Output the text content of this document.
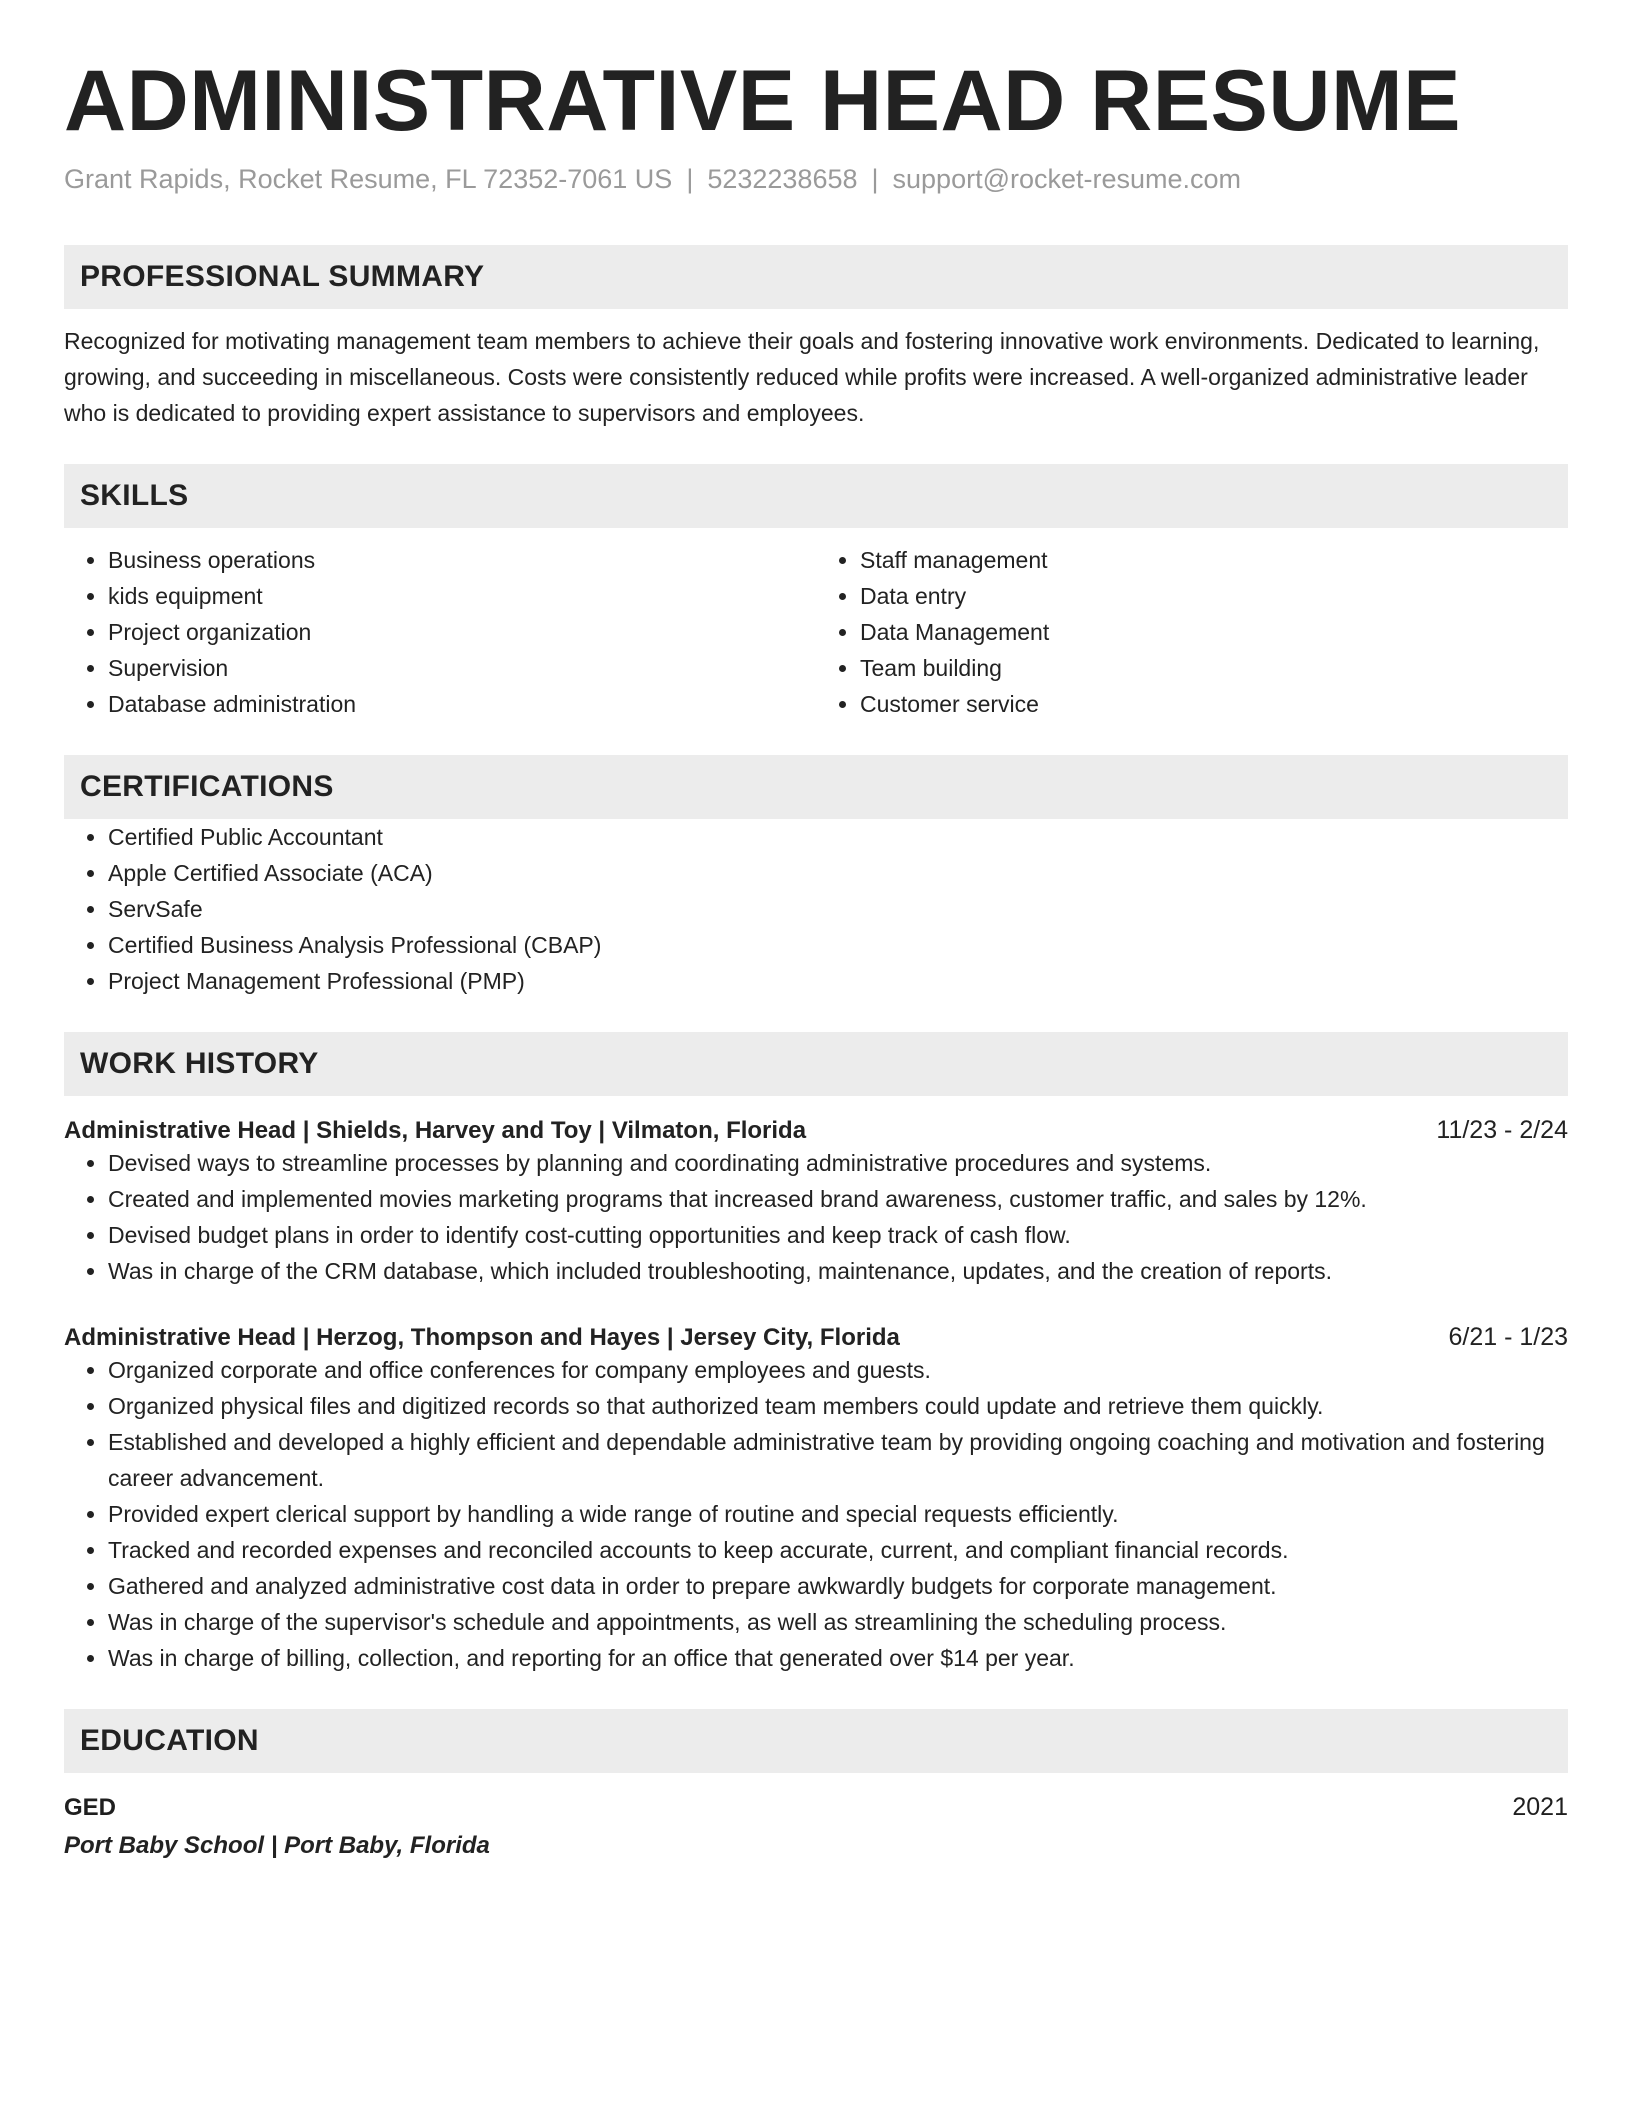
ADMINISTRATIVE HEAD RESUME
Grant Rapids, Rocket Resume, FL 72352-7061 US | 5232238658 | support@rocket-resume.com
PROFESSIONAL SUMMARY

Recognized for motivating management team members to achieve their goals and fostering innovative work environments. Dedicated to learning, growing, and succeeding in miscellaneous. Costs were consistently reduced while profits were increased. A well-organized administrative leader who is dedicated to providing expert assistance to supervisors and employees.

SKILLS
• Business operations
• kids equipment
• Project organization
• Supervision
• Database administration
• Staff management
• Data entry
• Data Management
• Team building
• Customer service
CERTIFICATIONS
• Certified Public Accountant
• Apple Certified Associate (ACA)
• ServSafe
• Certified Business Analysis Professional (CBAP)
• Project Management Professional (PMP)
WORK HISTORY
Administrative Head | Shields, Harvey and Toy | Vilmaton, Florida	11/23 - 2/24
• Devised ways to streamline processes by planning and coordinating administrative procedures and systems.
• Created and implemented movies marketing programs that increased brand awareness, customer traffic, and sales by 12%.
• Devised budget plans in order to identify cost-cutting opportunities and keep track of cash flow.
• Was in charge of the CRM database, which included troubleshooting, maintenance, updates, and the creation of reports.
Administrative Head | Herzog, Thompson and Hayes | Jersey City, Florida	6/21 - 1/23
• Organized corporate and office conferences for company employees and guests.
• Organized physical files and digitized records so that authorized team members could update and retrieve them quickly.
• Established and developed a highly efficient and dependable administrative team by providing ongoing coaching and motivation and fostering career advancement.
• Provided expert clerical support by handling a wide range of routine and special requests efficiently.
• Tracked and recorded expenses and reconciled accounts to keep accurate, current, and compliant financial records.
• Gathered and analyzed administrative cost data in order to prepare awkwardly budgets for corporate management.
• Was in charge of the supervisor's schedule and appointments, as well as streamlining the scheduling process.
• Was in charge of billing, collection, and reporting for an office that generated over $14 per year.
EDUCATION
GED	2021
Port Baby School | Port Baby, Florida
